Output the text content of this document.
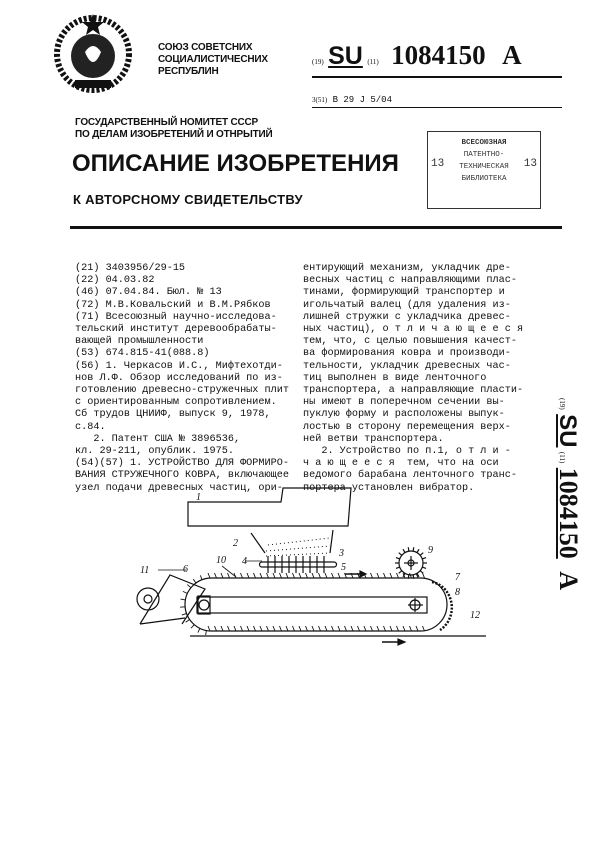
СОЮЗ СОВЕТСНИХ
СОЦИАЛИСТИЧЕСНИХ
РЕСПУБЛИН
ГОСУДАРСТВЕННЫЙ НОМИТЕТ СССР
ПО ДЕЛАМ ИЗОБРЕТЕНИЙ И ОТНРЫТИЙ
(19) SU (11) 1084150 A
3(51) B 29 J 5/04
ОПИСАНИЕ ИЗОБРЕТЕНИЯ
К АВТОРСНОМУ СВИДЕТЕЛЬСТВУ
ВСЕСОЮЗНАЯ
ПАТЕНТНО-
ТЕХНИЧЕСКАЯ
БИБЛИОТЕКА
13	13
(21) 3403956/29-15
(22) 04.03.82
(46) 07.04.84. Бюл. № 13
(72) М.В.Ковальский и В.М.Рябков
(71) Всесоюзный научно-исследова-
тельский институт деревообрабаты-
вающей промышленности
(53) 674.815-41(088.8)
(56) 1. Черкасов И.С., Мифтехотди-
нов Л.Ф. Обзор исследований по из-
готовлению древесно-стружечных плит
с ориентированным сопротивлением.
Сб трудов ЦНИИФ, выпуск 9, 1978,
с.84.
2. Патент США № 3896536,
кл. 29-211, опублик. 1975.
(54)(57) 1. УСТРОЙСТВО ДЛЯ ФОРМИРО-
ВАНИЯ СТРУЖЕЧНОГО КОВРА, включающее
узел подачи древесных частиц, ори-
ентирующий механизм, укладчик дре-
весных частиц с направляющими плас-
тинами, формирующий транспортер и
игольчатый валец (для удаления из-
лишней стружки с укладчика древес-
ных частиц), о т л и ч а ю щ е е с я
тем, что, с целью повышения качест-
ва формирования ковра и производи-
тельности, укладчик древесных час-
тиц выполнен в виде ленточного
транспортера, а направляющие пласти-
ны имеют в поперечном сечении вы-
пуклую форму и расположены выпук-
лостью в сторону перемещения верх-
ней ветви транспортера.
2. Устройство по п.1, о т л и -
ч а ю щ е е с я  тем, что на оси
ведомого барабана ленточного транс-
портера установлен вибратор.
(19) SU (11) 1084150 A
1
2
3
4
5
6
7
8
9
10
11
12
